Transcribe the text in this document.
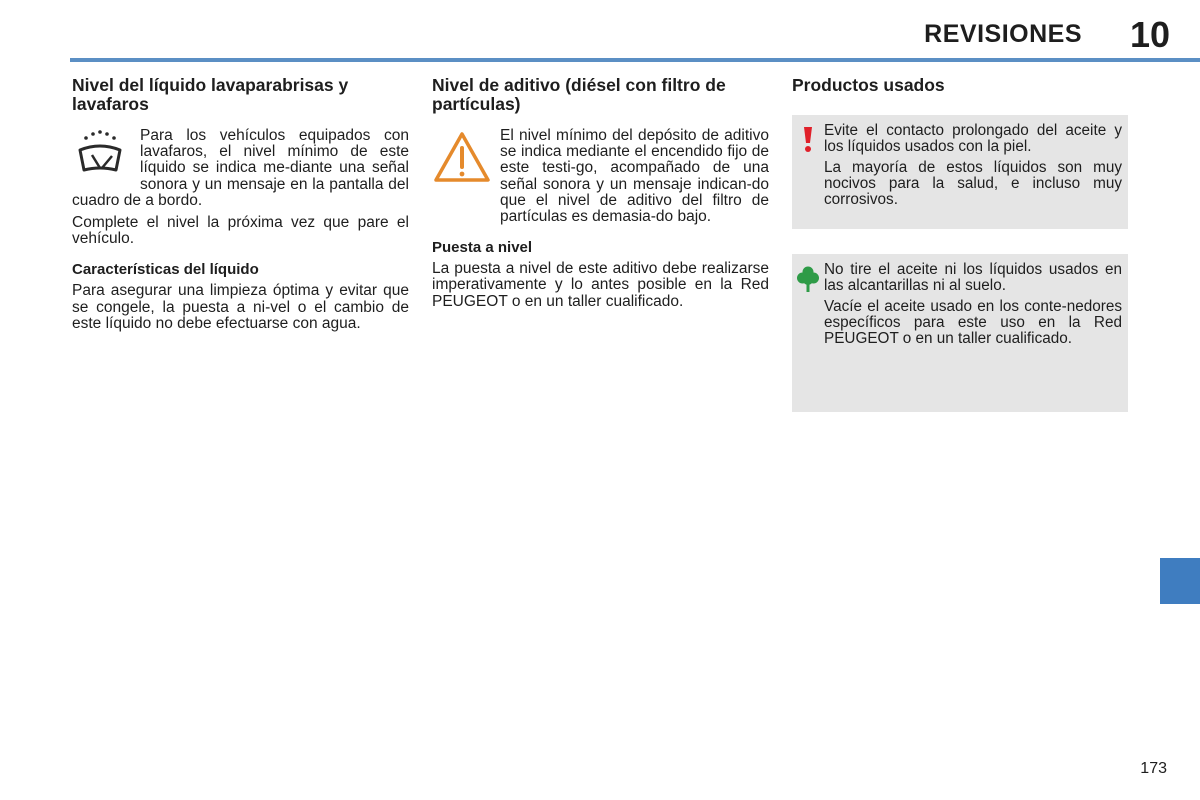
REVISIONES 10
Nivel del líquido lavaparabrisas y lavafaros

Para los vehículos equipados con lavafaros, el nivel mínimo de este líquido se indica me-diante una señal sonora y un mensaje en la pantalla del cuadro de a bordo.

Complete el nivel la próxima vez que pare el vehículo.

Características del líquido

Para asegurar una limpieza óptima y evitar que se congele, la puesta a ni-vel o el cambio de este líquido no debe efectuarse con agua.

Nivel de aditivo (diésel con filtro de partículas)

El nivel mínimo del depósito de aditivo se indica mediante el encendido fijo de este testi-go, acompañado de una señal sonora y un mensaje indican-do que el nivel de aditivo del filtro de partículas es demasia-do bajo.

Puesta a nivel

La puesta a nivel de este aditivo debe realizarse imperativamente y lo antes posible en la Red PEUGEOT o en un taller cualificado.

Productos usados

Evite el contacto prolongado del aceite y los líquidos usados con la piel.

La mayoría de estos líquidos son muy nocivos para la salud, e incluso muy corrosivos.

No tire el aceite ni los líquidos usados en las alcantarillas ni al suelo.

Vacíe el aceite usado en los conte-nedores específicos para este uso en la Red PEUGEOT o en un taller cualificado.

173
